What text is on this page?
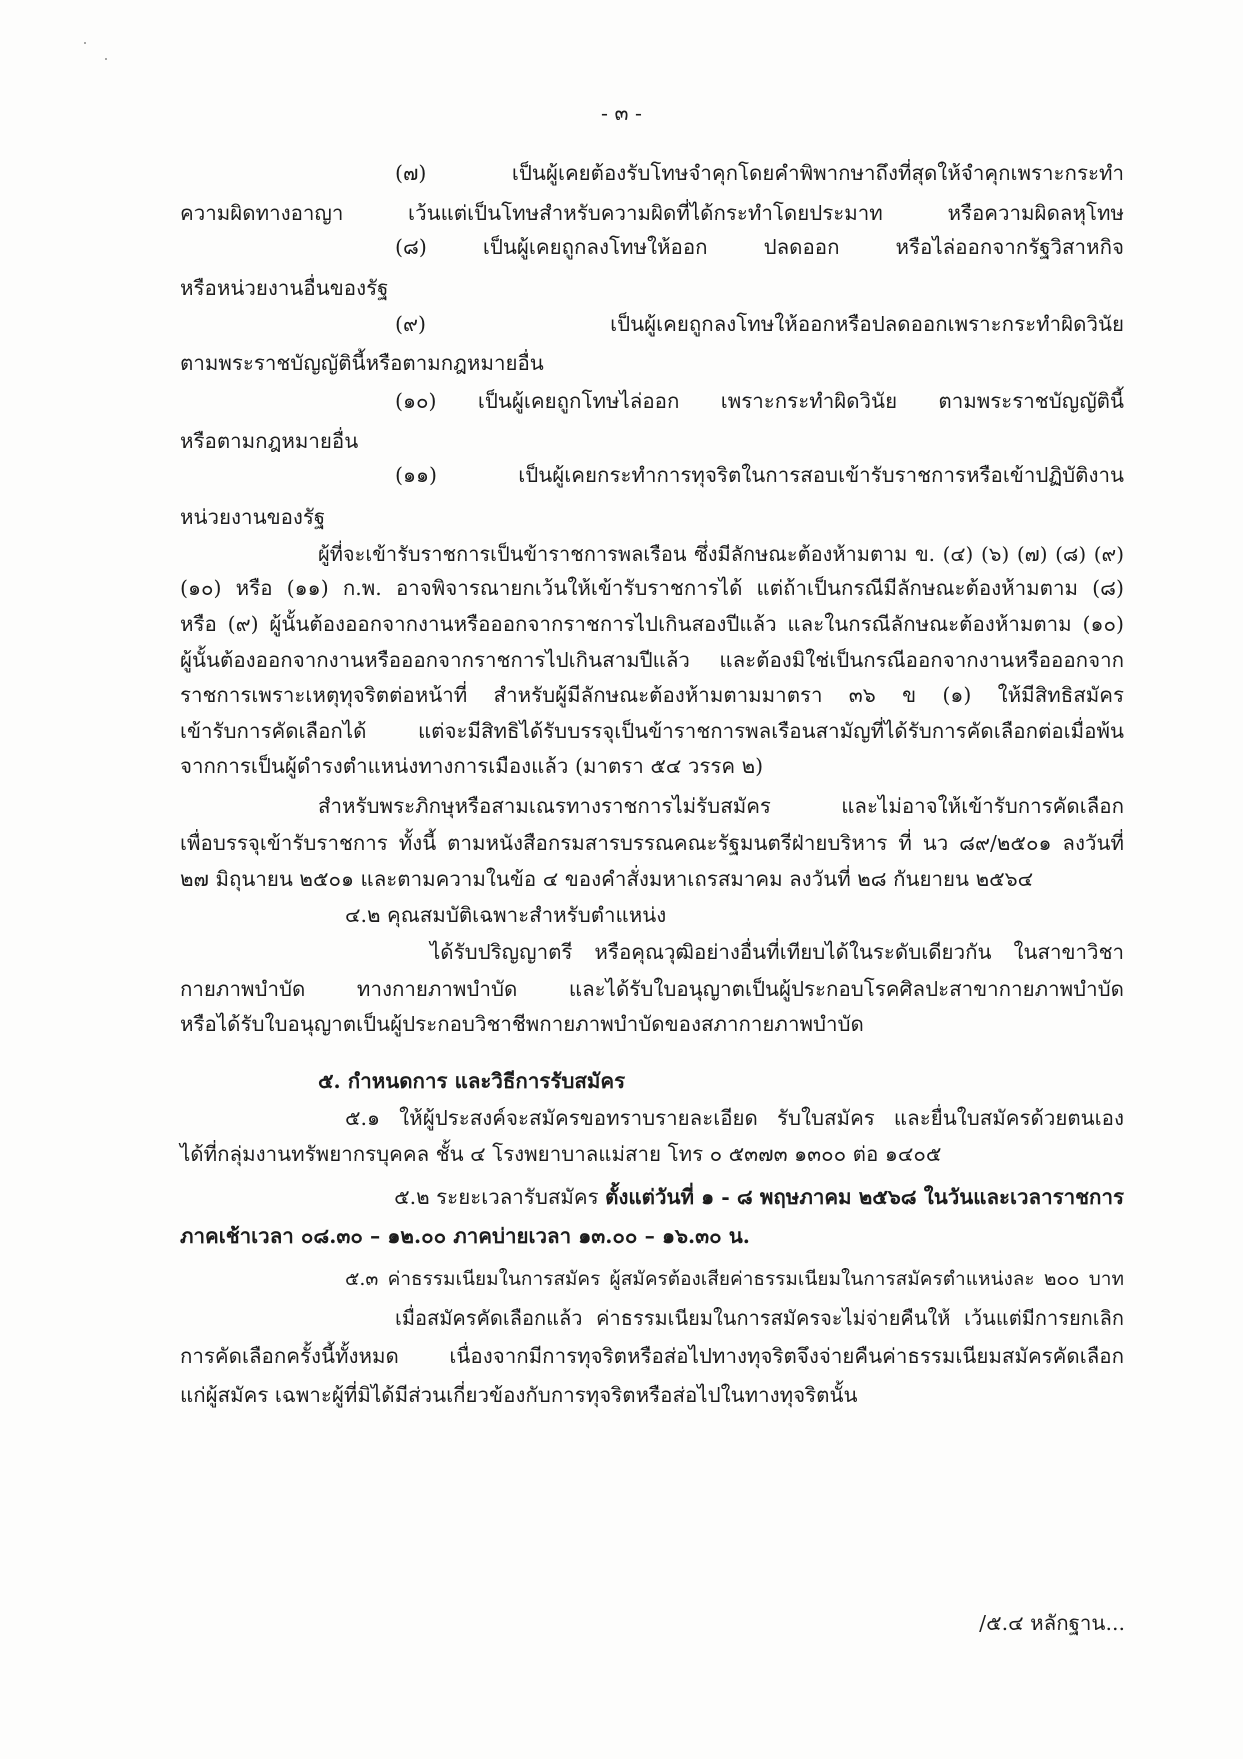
- ๓ -
(๗) เป็นผู้เคยต้องรับโทษจำคุกโดยคำพิพากษาถึงที่สุดให้จำคุกเพราะกระทำ
ความผิดทางอาญา เว้นแต่เป็นโทษสำหรับความผิดที่ได้กระทำโดยประมาท หรือความผิดลหุโทษ
(๘) เป็นผู้เคยถูกลงโทษให้ออก ปลดออก หรือไล่ออกจากรัฐวิสาหกิจ
หรือหน่วยงานอื่นของรัฐ
(๙) เป็นผู้เคยถูกลงโทษให้ออกหรือปลดออกเพราะกระทำผิดวินัย
ตามพระราชบัญญัตินี้หรือตามกฎหมายอื่น
(๑๐) เป็นผู้เคยถูกโทษไล่ออก เพราะกระทำผิดวินัย ตามพระราชบัญญัตินี้
หรือตามกฎหมายอื่น
(๑๑) เป็นผู้เคยกระทำการทุจริตในการสอบเข้ารับราชการหรือเข้าปฏิบัติงาน
หน่วยงานของรัฐ
ผู้ที่จะเข้ารับราชการเป็นข้าราชการพลเรือน ซึ่งมีลักษณะต้องห้ามตาม ข. (๔) (๖) (๗) (๘) (๙)
(๑๐) หรือ (๑๑) ก.พ. อาจพิจารณายกเว้นให้เข้ารับราชการได้ แต่ถ้าเป็นกรณีมีลักษณะต้องห้ามตาม (๘)
หรือ (๙) ผู้นั้นต้องออกจากงานหรือออกจากราชการไปเกินสองปีแล้ว และในกรณีลักษณะต้องห้ามตาม (๑๐)
ผู้นั้นต้องออกจากงานหรือออกจากราชการไปเกินสามปีแล้ว และต้องมิใช่เป็นกรณีออกจากงานหรือออกจาก
ราชการเพราะเหตุทุจริตต่อหน้าที่ สำหรับผู้มีลักษณะต้องห้ามตามมาตรา ๓๖ ข (๑) ให้มีสิทธิสมัคร
เข้ารับการคัดเลือกได้ แต่จะมีสิทธิได้รับบรรจุเป็นข้าราชการพลเรือนสามัญที่ได้รับการคัดเลือกต่อเมื่อพ้น
จากการเป็นผู้ดำรงตำแหน่งทางการเมืองแล้ว (มาตรา ๕๔ วรรค ๒)
สำหรับพระภิกษุหรือสามเณรทางราชการไม่รับสมัคร และไม่อาจให้เข้ารับการคัดเลือก
เพื่อบรรจุเข้ารับราชการ ทั้งนี้ ตามหนังสือกรมสารบรรณคณะรัฐมนตรีฝ่ายบริหาร ที่ นว ๘๙/๒๕๐๑ ลงวันที่
๒๗ มิถุนายน ๒๕๐๑ และตามความในข้อ ๔ ของคำสั่งมหาเถรสมาคม ลงวันที่ ๒๘ กันยายน ๒๕๖๔
๔.๒ คุณสมบัติเฉพาะสำหรับตำแหน่ง
ได้รับปริญญาตรี หรือคุณวุฒิอย่างอื่นที่เทียบได้ในระดับเดียวกัน ในสาขาวิชา
กายภาพบำบัด ทางกายภาพบำบัด และได้รับใบอนุญาตเป็นผู้ประกอบโรคศิลปะสาขากายภาพบำบัด
หรือได้รับใบอนุญาตเป็นผู้ประกอบวิชาชีพกายภาพบำบัดของสภากายภาพบำบัด
๕. กำหนดการ และวิธีการรับสมัคร
๕.๑ ให้ผู้ประสงค์จะสมัครขอทราบรายละเอียด รับใบสมัคร และยื่นใบสมัครด้วยตนเอง
ได้ที่กลุ่มงานทรัพยากรบุคคล ชั้น ๔ โรงพยาบาลแม่สาย โทร ๐ ๕๓๗๓ ๑๓๐๐ ต่อ ๑๔๐๕
๕.๒ ระยะเวลารับสมัคร ตั้งแต่วันที่ ๑ - ๘ พฤษภาคม ๒๕๖๘ ในวันและเวลาราชการ
ภาคเช้าเวลา ๐๘.๓๐ – ๑๒.๐๐ ภาคบ่ายเวลา ๑๓.๐๐ – ๑๖.๓๐ น.
๕.๓ ค่าธรรมเนียมในการสมัคร ผู้สมัครต้องเสียค่าธรรมเนียมในการสมัครตำแหน่งละ ๒๐๐ บาท
เมื่อสมัครคัดเลือกแล้ว ค่าธรรมเนียมในการสมัครจะไม่จ่ายคืนให้ เว้นแต่มีการยกเลิก
การคัดเลือกครั้งนี้ทั้งหมด เนื่องจากมีการทุจริตหรือส่อไปทางทุจริตจึงจ่ายคืนค่าธรรมเนียมสมัครคัดเลือก
แก่ผู้สมัคร เฉพาะผู้ที่มิได้มีส่วนเกี่ยวข้องกับการทุจริตหรือส่อไปในทางทุจริตนั้น
/๕.๔ หลักฐาน...
